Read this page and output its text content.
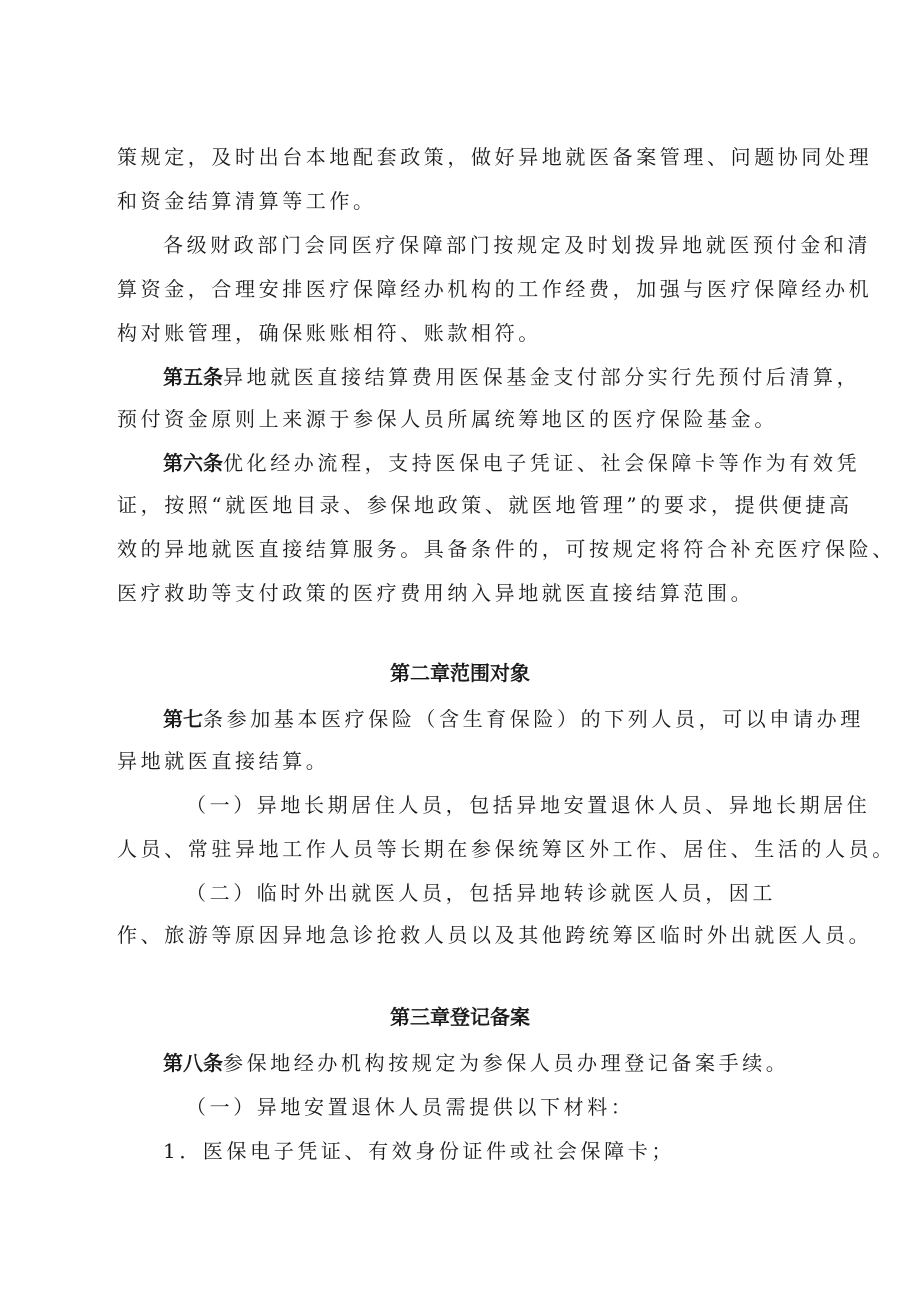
策规定，及时出台本地配套政策，做好异地就医备案管理、问题协同处理
和资金结算清算等工作。
各级财政部门会同医疗保障部门按规定及时划拨异地就医预付金和清
算资金，合理安排医疗保障经办机构的工作经费，加强与医疗保障经办机
构对账管理，确保账账相符、账款相符。
第五条异地就医直接结算费用医保基金支付部分实行先预付后清算，
预付资金原则上来源于参保人员所属统筹地区的医疗保险基金。
第六条优化经办流程，支持医保电子凭证、社会保障卡等作为有效凭
证，按照“就医地目录、参保地政策、就医地管理”的要求，提供便捷高
效的异地就医直接结算服务。具备条件的，可按规定将符合补充医疗保险、
医疗救助等支付政策的医疗费用纳入异地就医直接结算范围。
第二章范围对象
第七条参加基本医疗保险（含生育保险）的下列人员，可以申请办理
异地就医直接结算。
（一）异地长期居住人员，包括异地安置退休人员、异地长期居住
人员、常驻异地工作人员等长期在参保统筹区外工作、居住、生活的人员。
（二）临时外出就医人员，包括异地转诊就医人员，因工
作、旅游等原因异地急诊抢救人员以及其他跨统筹区临时外出就医人员。
第三章登记备案
第八条参保地经办机构按规定为参保人员办理登记备案手续。
（一）异地安置退休人员需提供以下材料：
1．医保电子凭证、有效身份证件或社会保障卡；
